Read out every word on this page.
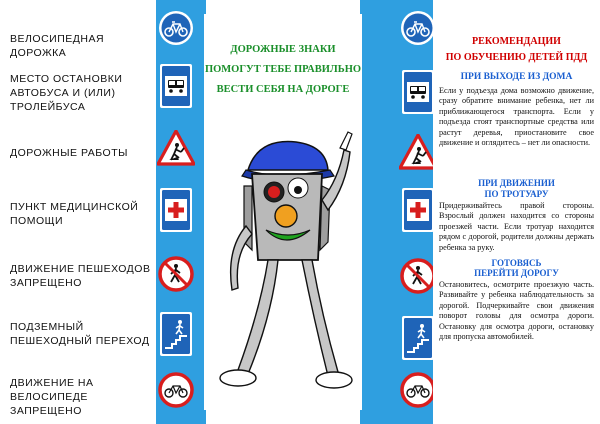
ВЕЛОСИПЕДНАЯ ДОРОЖКА
МЕСТО ОСТАНОВКИ АВТОБУСА И (ИЛИ) ТРОЛЕЙБУСА
ДОРОЖНЫЕ РАБОТЫ
ПУНКТ МЕДИЦИНСКОЙ ПОМОЩИ
ДВИЖЕНИЕ ПЕШЕХОДОВ ЗАПРЕЩЕНО
ПОДЗЕМНЫЙ ПЕШЕХОДНЫЙ ПЕРЕХОД
ДВИЖЕНИЕ НА ВЕЛОСИПЕДЕ ЗАПРЕЩЕНО
ДОРОЖНЫЕ ЗНАКИ
ПОМОГУТ ТЕБЕ ПРАВИЛЬНО
ВЕСТИ СЕБЯ НА ДОРОГЕ
РЕКОМЕНДАЦИИ
ПО ОБУЧЕНИЮ ДЕТЕЙ ПДД
ПРИ ВЫХОДЕ ИЗ ДОМА
Если у подъезда дома возможно движение, сразу обратите внимание ребенка, нет ли приближающегося транспорта. Если у подъезда стоят транспортные средства или растут деревья, приостановите свое движение и оглядитесь – нет ли опасности.
ПРИ ДВИЖЕНИИ
ПО ТРОТУАРУ
Придерживайтесь правой стороны. Взрослый должен находится со стороны проезжей части. Если тротуар находится рядом с дорогой, родители должны держать ребенка за руку.
ГОТОВЯСЬ
ПЕРЕЙТИ ДОРОГУ
Остановитесь, осмотрите проезжую часть. Развивайте у ребенка наблюдательность за дорогой. Подчеркивайте свои движения поворот головы для осмотра дороги. Остановку для осмотра дороги, остановку для пропуска автомобилей.
